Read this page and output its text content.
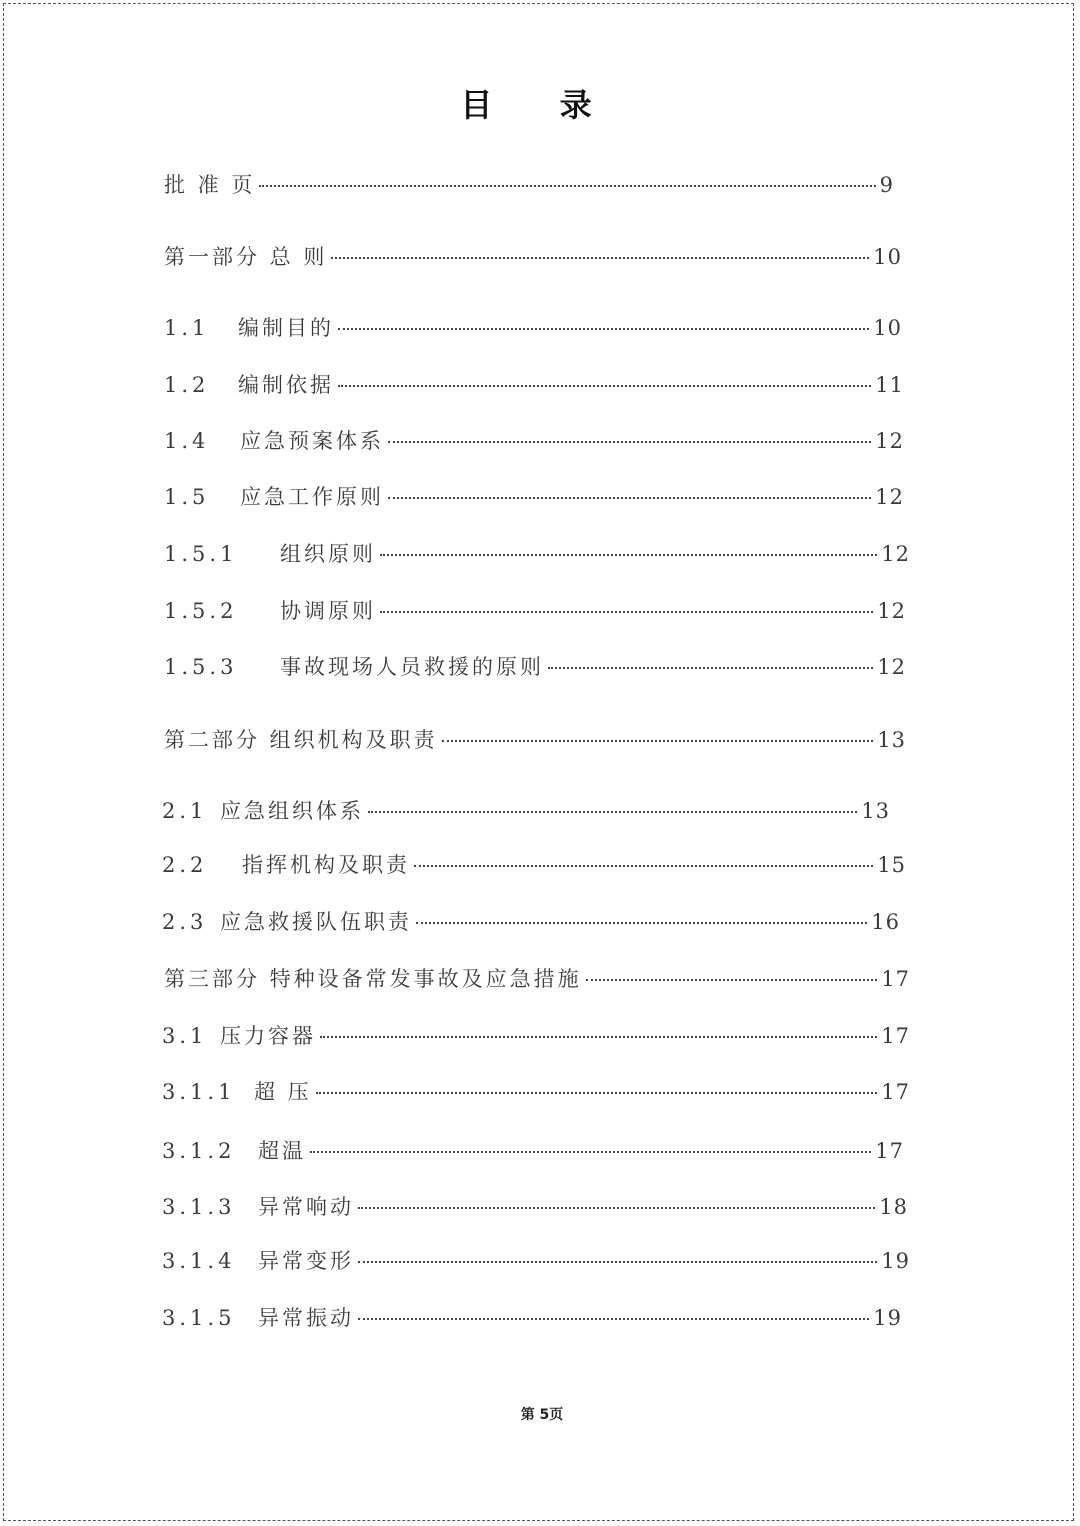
目 录
批 准 页	9
第一部分 总 则	10
1.1	编制目的	10
1.2	编制依据	11
1.4	应急预案体系	12
1.5	应急工作原则	12
1.5.1	组织原则	12
1.5.2	协调原则	12
1.5.3	事故现场人员救援的原则	12
第二部分 组织机构及职责	13
2.1 应急组织体系	13
2.2	指挥机构及职责	15
2.3 应急救援队伍职责	16
第三部分 特种设备常发事故及应急措施	17
3.1 压力容器	17
3.1.1 超 压	17
3.1.2	超温	17
3.1.3	异常响动	18
3.1.4	异常变形	19
3.1.5	异常振动	19
第 5页
